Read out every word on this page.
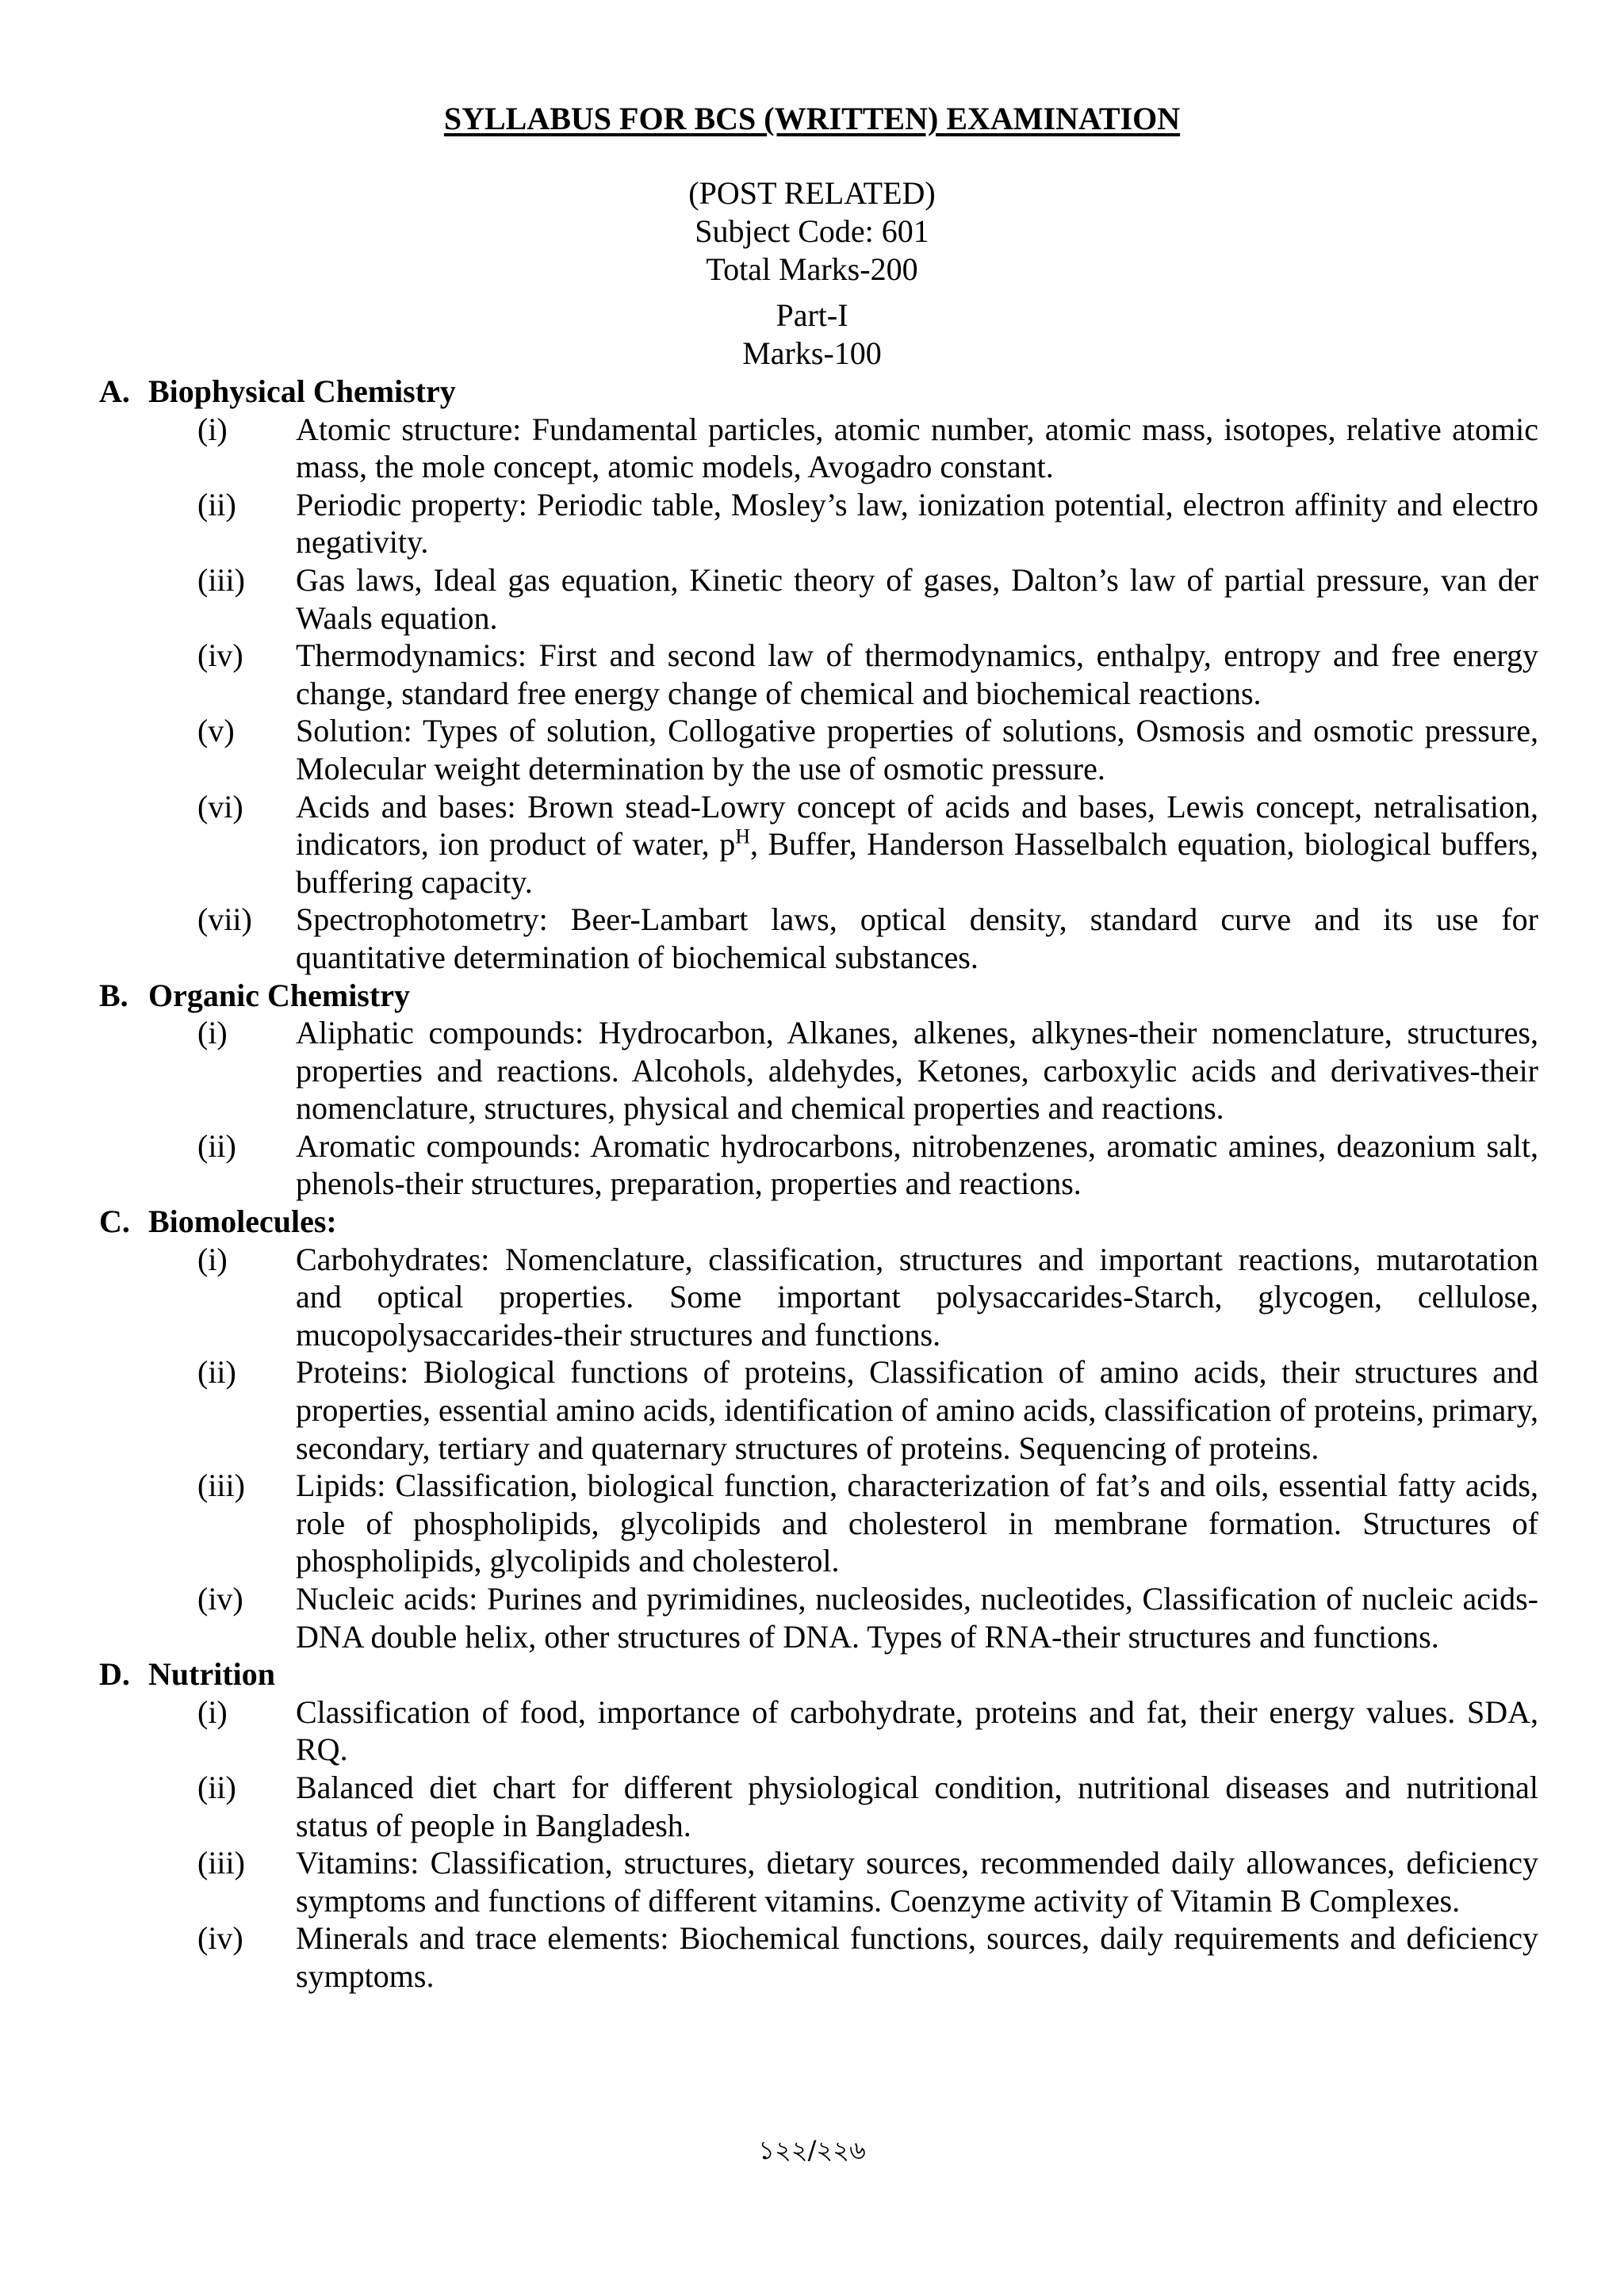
SYLLABUS FOR BCS (WRITTEN) EXAMINATION
(POST RELATED)
Subject Code: 601
Total Marks-200
Part-I
Marks-100
A. Biophysical Chemistry
(i)	Atomic structure: Fundamental particles, atomic number, atomic mass, isotopes, relative atomic mass, the mole concept, atomic models, Avogadro constant.
(ii)	Periodic property: Periodic table, Mosley’s law, ionization potential, electron affinity and electro negativity.
(iii)	Gas laws, Ideal gas equation, Kinetic theory of gases, Dalton’s law of partial pressure, van der Waals equation.
(iv)	Thermodynamics: First and second law of thermodynamics, enthalpy, entropy and free energy change, standard free energy change of chemical and biochemical reactions.
(v)	Solution: Types of solution, Collogative properties of solutions, Osmosis and osmotic pressure, Molecular weight determination by the use of osmotic pressure.
(vi)	Acids and bases: Brown stead-Lowry concept of acids and bases, Lewis concept, netralisation, indicators, ion product of water, $p^H$, Buffer, Handerson Hasselbalch equation, biological buffers, buffering capacity.
(vii)	Spectrophotometry: Beer-Lambart laws, optical density, standard curve and its use for quantitative determination of biochemical substances.
B. Organic Chemistry
(i)	Aliphatic compounds: Hydrocarbon, Alkanes, alkenes, alkynes-their nomenclature, structures, properties and reactions. Alcohols, aldehydes, Ketones, carboxylic acids and derivatives-their nomenclature, structures, physical and chemical properties and reactions.
(ii)	Aromatic compounds: Aromatic hydrocarbons, nitrobenzenes, aromatic amines, deazonium salt, phenols-their structures, preparation, properties and reactions.
C. Biomolecules:
(i)	Carbohydrates: Nomenclature, classification, structures and important reactions, mutarotation and optical properties. Some important polysaccarides-Starch, glycogen, cellulose, mucopolysaccarides-their structures and functions.
(ii)	Proteins: Biological functions of proteins, Classification of amino acids, their structures and properties, essential amino acids, identification of amino acids, classification of proteins, primary, secondary, tertiary and quaternary structures of proteins. Sequencing of proteins.
(iii)	Lipids: Classification, biological function, characterization of fat’s and oils, essential fatty acids, role of phospholipids, glycolipids and cholesterol in membrane formation. Structures of phospholipids, glycolipids and cholesterol.
(iv)	Nucleic acids: Purines and pyrimidines, nucleosides, nucleotides, Classification of nucleic acids-DNA double helix, other structures of DNA. Types of RNA-their structures and functions.
D. Nutrition
(i)	Classification of food, importance of carbohydrate, proteins and fat, their energy values. SDA, RQ.
(ii)	Balanced diet chart for different physiological condition, nutritional diseases and nutritional status of people in Bangladesh.
(iii)	Vitamins: Classification, structures, dietary sources, recommended daily allowances, deficiency symptoms and functions of different vitamins. Coenzyme activity of Vitamin B Complexes.
(iv)	Minerals and trace elements: Biochemical functions, sources, daily requirements and deficiency symptoms.
১২২/২২৬
